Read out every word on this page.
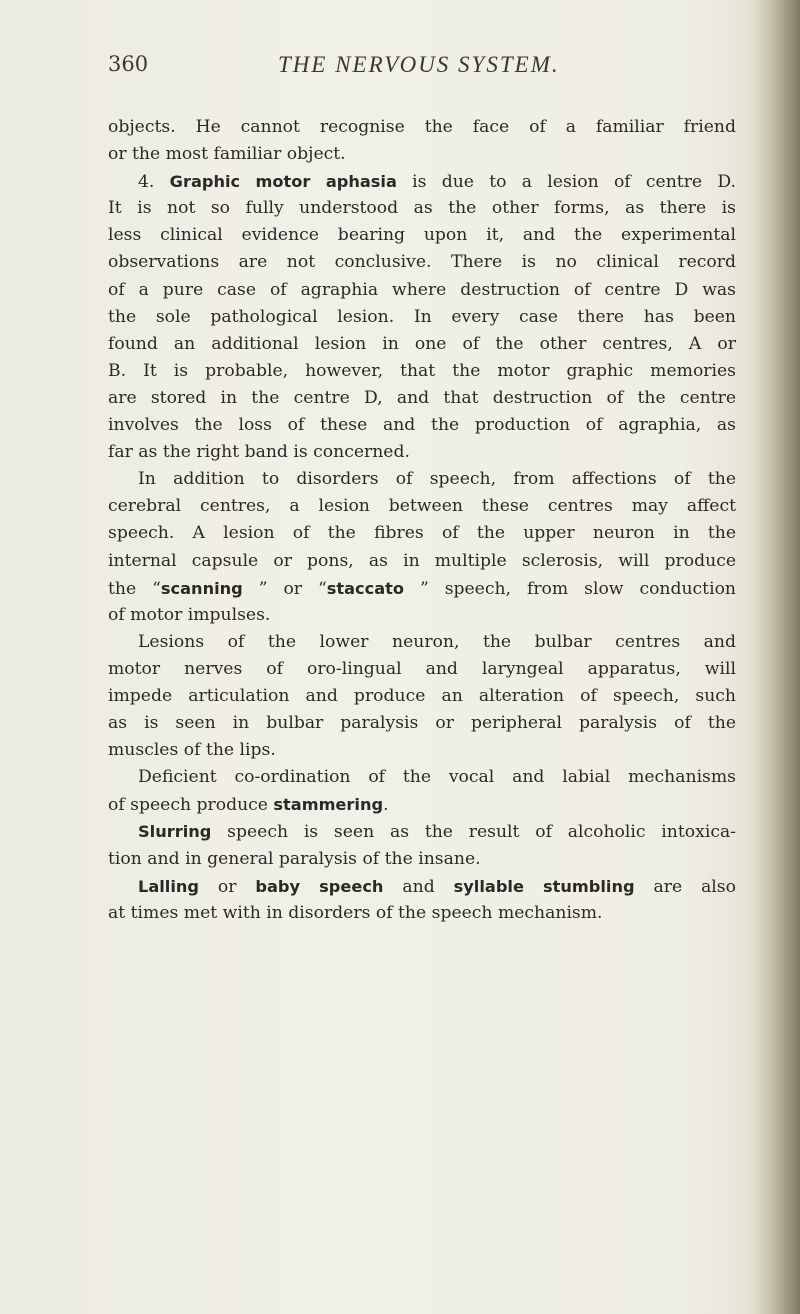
360	THE NERVOUS SYSTEM.
objects. He cannot recognise the face of a familiar friend
or the most familiar object.
4. Graphic motor aphasia is due to a lesion of centre D.
It is not so fully understood as the other forms, as there is
less clinical evidence bearing upon it, and the experimental
observations are not conclusive. There is no clinical record
of a pure case of agraphia where destruction of centre D was
the sole pathological lesion. In every case there has been
found an additional lesion in one of the other centres, A or
B. It is probable, however, that the motor graphic memories
are stored in the centre D, and that destruction of the centre
involves the loss of these and the production of agraphia, as
far as the right band is concerned.
In addition to disorders of speech, from affections of the
cerebral centres, a lesion between these centres may affect
speech. A lesion of the fibres of the upper neuron in the
internal capsule or pons, as in multiple sclerosis, will produce
the “scanning ” or “staccato ” speech, from slow conduction
of motor impulses.
Lesions of the lower neuron, the bulbar centres and
motor nerves of oro-lingual and laryngeal apparatus, will
impede articulation and produce an alteration of speech, such
as is seen in bulbar paralysis or peripheral paralysis of the
muscles of the lips.
Deficient co-ordination of the vocal and labial mechanisms
of speech produce stammering.
Slurring speech is seen as the result of alcoholic intoxica-
tion and in general paralysis of the insane.
Lalling or baby speech and syllable stumbling are also
at times met with in disorders of the speech mechanism.
